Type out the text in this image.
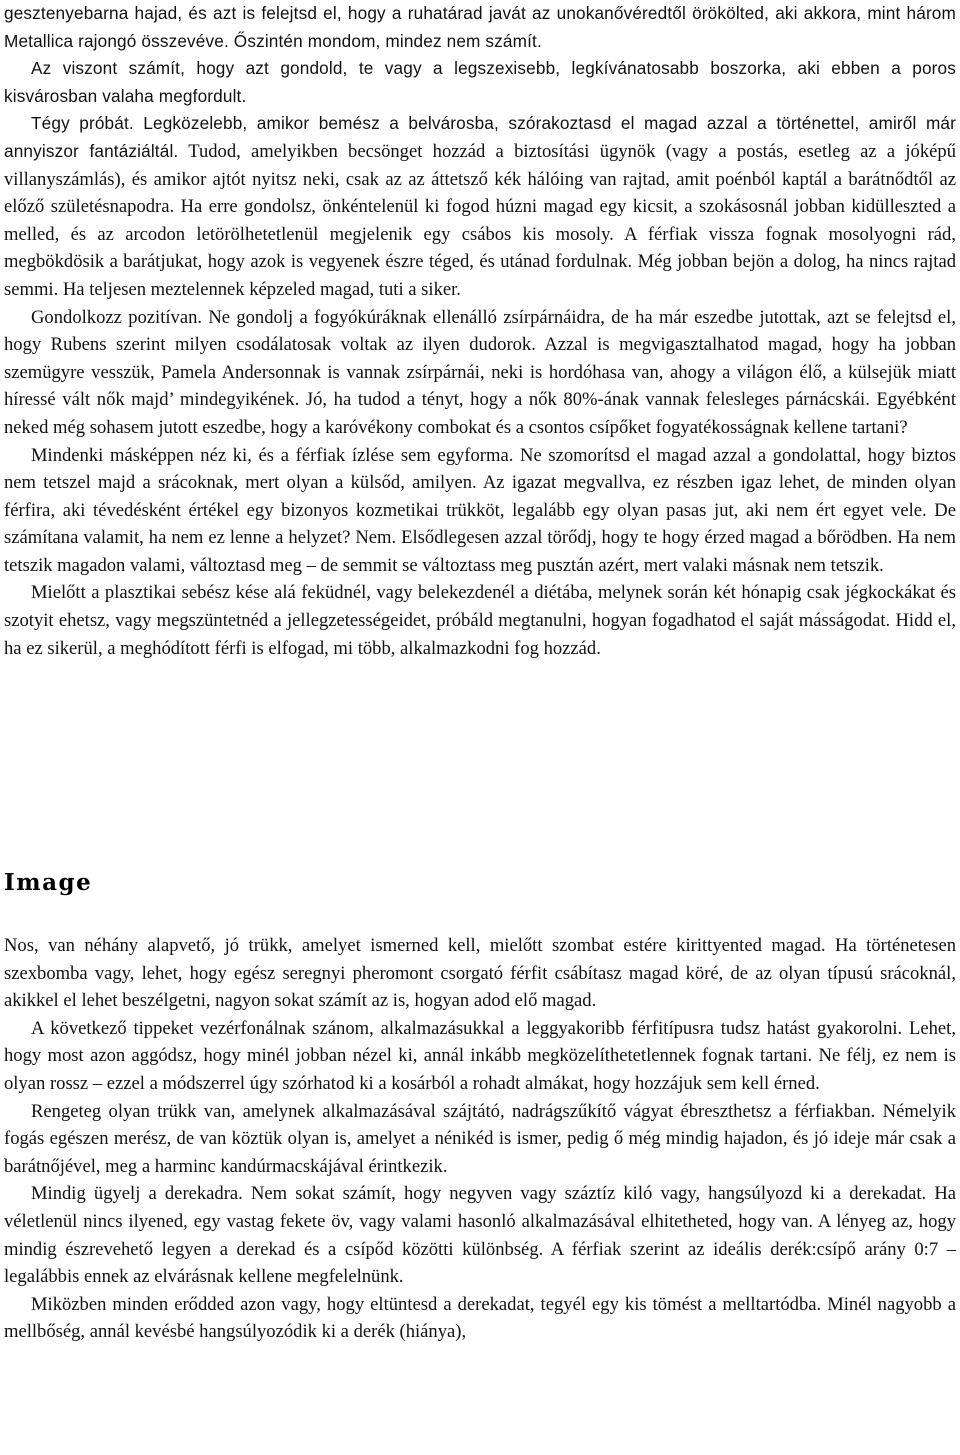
gesztenyebarna hajad, és azt is felejtsd el, hogy a ruhatárad javát az unokanővéredtől örökölted, aki akkora, mint három Metallica rajongó összevéve. Őszintén mondom, mindez nem számít.

Az viszont számít, hogy azt gondold, te vagy a legszexisebb, legkívánatosabb boszorka, aki ebben a poros kisvárosban valaha megfordult.

Tégy próbát. Legközelebb, amikor bemész a belvárosba, szórakoztasd el magad azzal a történettel, amiről már annyiszor fantáziáltál. Tudod, amelyikben becsönget hozzád a biztosítási ügynök (vagy a postás, esetleg az a jóképű villanyszámlás), és amikor ajtót nyitsz neki, csak az az áttetsző kék hálóing van rajtad, amit poénból kaptál a barátnődtől az előző születésnapodra. Ha erre gondolsz, önkéntelenül ki fogod húzni magad egy kicsit, a szokásosnál jobban kidülleszted a melled, és az arcodon letörölhetetlenül megjelenik egy csábos kis mosoly. A férfiak vissza fognak mosolyogni rád, megbökdösik a barátjukat, hogy azok is vegyenek észre téged, és utánad fordulnak. Még jobban bejön a dolog, ha nincs rajtad semmi. Ha teljesen meztelennek képzeled magad, tuti a siker.

Gondolkozz pozitívan. Ne gondolj a fogyókúráknak ellenálló zsírpárnáidra, de ha már eszedbe jutottak, azt se felejtsd el, hogy Rubens szerint milyen csodálatosak voltak az ilyen dudorok. Azzal is megvigasztalhatod magad, hogy ha jobban szemügyre vesszük, Pamela Andersonnak is vannak zsírpárnái, neki is hordóhasa van, ahogy a világon élő, a külsejük miatt híressé vált nők majd’ mindegyikének. Jó, ha tudod a tényt, hogy a nők 80%-ának vannak felesleges párnácskái. Egyébként neked még sohasem jutott eszedbe, hogy a karóvékony combokat és a csontos csípőket fogyatékosságnak kellene tartani?

Mindenki másképpen néz ki, és a férfiak ízlése sem egyforma. Ne szomorítsd el magad azzal a gondolattal, hogy biztos nem tetszel majd a srácoknak, mert olyan a külsőd, amilyen. Az igazat megvallva, ez részben igaz lehet, de minden olyan férfira, aki tévedésként értékel egy bizonyos kozmetikai trükköt, legalább egy olyan pasas jut, aki nem ért egyet vele. De számítana valamit, ha nem ez lenne a helyzet? Nem. Elsődlegesen azzal törődj, hogy te hogy érzed magad a bőrödben. Ha nem tetszik magadon valami, változtasd meg – de semmit se változtass meg pusztán azért, mert valaki másnak nem tetszik.

Mielőtt a plasztikai sebész kése alá feküdnél, vagy belekezdenél a diétába, melynek során két hónapig csak jégkockákat és szotyit ehetsz, vagy megszüntetnéd a jellegzetességeidet, próbáld megtanulni, hogyan fogadhatod el saját másságodat. Hidd el, ha ez sikerül, a meghódított férfi is elfogad, mi több, alkalmazkodni fog hozzád.

Image

Nos, van néhány alapvető, jó trükk, amelyet ismerned kell, mielőtt szombat estére kirittyented magad. Ha történetesen szexbomba vagy, lehet, hogy egész seregnyi pheromont csorgató férfit csábítasz magad köré, de az olyan típusú srácoknál, akikkel el lehet beszélgetni, nagyon sokat számít az is, hogyan adod elő magad.

A következő tippeket vezérfonálnak szánom, alkalmazásukkal a leggyakoribb férfitípusra tudsz hatást gyakorolni. Lehet, hogy most azon aggódsz, hogy minél jobban nézel ki, annál inkább megközelíthetetlennek fognak tartani. Ne félj, ez nem is olyan rossz – ezzel a módszerrel úgy szórhatod ki a kosárból a rohadt almákat, hogy hozzájuk sem kell érned.

Rengeteg olyan trükk van, amelynek alkalmazásával szájtátó, nadrágszűkítő vágyat ébreszthetsz a férfiakban. Némelyik fogás egészen merész, de van köztük olyan is, amelyet a nénikéd is ismer, pedig ő még mindig hajadon, és jó ideje már csak a barátnőjével, meg a harminc kandúrmacskájával érintkezik.

Mindig ügyelj a derekadra. Nem sokat számít, hogy negyven vagy száztíz kiló vagy, hangsúlyozd ki a derekadat. Ha véletlenül nincs ilyened, egy vastag fekete öv, vagy valami hasonló alkalmazásával elhitetheted, hogy van. A lényeg az, hogy mindig észrevehető legyen a derekad és a csípőd közötti különbség. A férfiak szerint az ideális derék:csípő arány 0:7 – legalábbis ennek az elvárásnak kellene megfelelnünk.

Miközben minden erődded azon vagy, hogy eltüntesd a derekadat, tegyél egy kis tömést a melltartódba. Minél nagyobb a mellbőség, annál kevésbé hangsúlyozódik ki a derék (hiánya),
